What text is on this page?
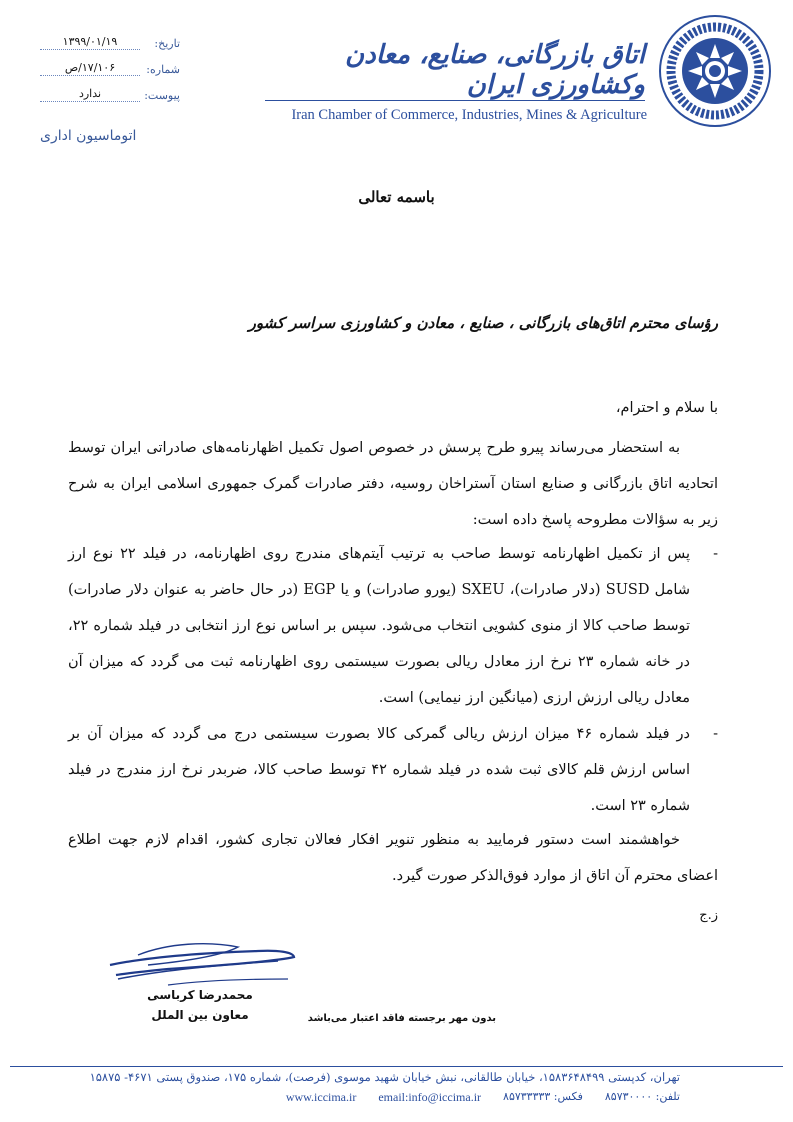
تاریخ:
۱۳۹۹/۰۱/۱۹
شماره:
۱۷/۱۰۶/ص
پیوست:
ندارد
اتوماسیون اداری
اتاق بازرگانی، صنایع، معادن وکشاورزی ایران
Iran Chamber of Commerce, Industries, Mines & Agriculture
باسمه تعالی
رؤسای محترم اتاق‌های بازرگانی ، صنایع ، معادن و کشاورزی سراسر کشور
با سلام و احترام،
به استحضار می‌رساند پیرو طرح پرسش در خصوص اصول تکمیل اظهارنامه‌های صادراتی ایران توسط اتحادیه اتاق بازرگانی و صنایع استان آستراخان روسیه، دفتر صادرات گمرک جمهوری اسلامی ایران به شرح زیر به سؤالات مطروحه پاسخ داده است:
-
پس از تکمیل اظهارنامه توسط صاحب به ترتیب آیتم‌های مندرج روی اظهارنامه، در فیلد ۲۲ نوع ارز شامل SUSD (دلار صادرات)، SXEU (یورو صادرات) و یا EGP (در حال حاضر به عنوان دلار صادرات) توسط صاحب کالا از منوی کشویی انتخاب می‌شود. سپس بر اساس نوع ارز انتخابی در فیلد شماره ۲۲، در خانه شماره ۲۳ نرخ ارز معادل ریالی بصورت سیستمی روی اظهارنامه ثبت می گردد که میزان آن معادل ریالی ارزش ارزی (میانگین ارز نیمایی) است.
-
در فیلد شماره ۴۶ میزان ارزش ریالی گمرکی کالا بصورت سیستمی درج می گردد که میزان آن بر اساس ارزش قلم کالای ثبت شده در فیلد شماره ۴۲ توسط صاحب کالا، ضربدر نرخ ارز مندرج در فیلد شماره ۲۳ است.
خواهشمند است دستور فرمایید به منظور تنویر افکار فعالان تجاری کشور، اقدام لازم جهت اطلاع اعضای محترم آن اتاق از موارد فوق‌الذکر صورت گیرد.
ز.ج
محمدرضا کرباسی
معاون بین الملل	بدون مهر برجسته فاقد اعتبار می‌باشد
تهران، کدپستی ۱۵۸۳۶۴۸۴۹۹، خیابان طالقانی، نبش خیابان شهید موسوی (فرصت)، شماره ۱۷۵، صندوق پستی ۴۶۷۱- ۱۵۸۷۵
تلفن: ۸۵۷۳۰۰۰۰
فکس: ۸۵۷۳۳۳۳۳
email:info@iccima.ir
www.iccima.ir
